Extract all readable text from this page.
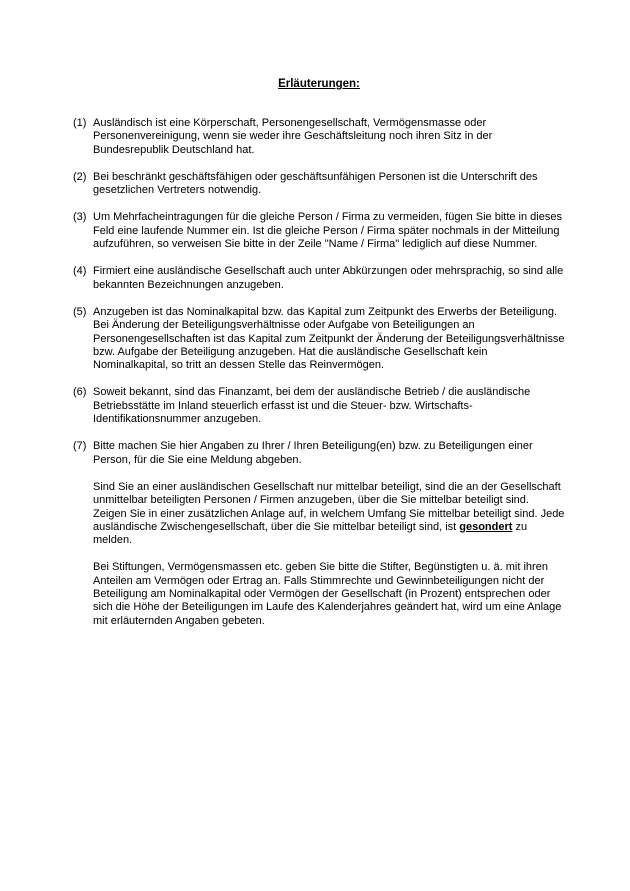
Erläuterungen:
(1) Ausländisch ist eine Körperschaft, Personengesellschaft, Vermögensmasse oder Personenvereinigung, wenn sie weder ihre Geschäftsleitung noch ihren Sitz in der Bundesrepublik Deutschland hat.

(2) Bei beschränkt geschäftsfähigen oder geschäftsunfähigen Personen ist die Unterschrift des gesetzlichen Vertreters notwendig.

(3) Um Mehrfacheintragungen für die gleiche Person / Firma zu vermeiden, fügen Sie bitte in dieses Feld eine laufende Nummer ein. Ist die gleiche Person / Firma später nochmals in der Mitteilung aufzuführen, so verweisen Sie bitte in der Zeile "Name / Firma" lediglich auf diese Nummer.

(4) Firmiert eine ausländische Gesellschaft auch unter Abkürzungen oder mehrsprachig, so sind alle bekannten Bezeichnungen anzugeben.

(5) Anzugeben ist das Nominalkapital bzw. das Kapital zum Zeitpunkt des Erwerbs der Beteiligung. Bei Änderung der Beteiligungsverhältnisse oder Aufgabe von Beteiligungen an Personengesellschaften ist das Kapital zum Zeitpunkt der Änderung der Beteiligungsverhältnisse bzw. Aufgabe der Beteiligung anzugeben. Hat die ausländische Gesellschaft kein Nominalkapital, so tritt an dessen Stelle das Reinvermögen.

(6) Soweit bekannt, sind das Finanzamt, bei dem der ausländische Betrieb / die ausländische Betriebsstätte im Inland steuerlich erfasst ist und die Steuer- bzw. Wirtschafts-Identifikationsnummer anzugeben.

(7) Bitte machen Sie hier Angaben zu Ihrer / Ihren Beteiligung(en) bzw. zu Beteiligungen einer Person, für die Sie eine Meldung abgeben.

Sind Sie an einer ausländischen Gesellschaft nur mittelbar beteiligt, sind die an der Gesellschaft unmittelbar beteiligten Personen / Firmen anzugeben, über die Sie mittelbar beteiligt sind. Zeigen Sie in einer zusätzlichen Anlage auf, in welchem Umfang Sie mittelbar beteiligt sind. Jede ausländische Zwischengesellschaft, über die Sie mittelbar beteiligt sind, ist gesondert zu melden.

Bei Stiftungen, Vermögensmassen etc. geben Sie bitte die Stifter, Begünstigten u. ä. mit ihren Anteilen am Vermögen oder Ertrag an. Falls Stimmrechte und Gewinnbeteiligungen nicht der Beteiligung am Nominalkapital oder Vermögen der Gesellschaft (in Prozent) entsprechen oder sich die Höhe der Beteiligungen im Laufe des Kalenderjahres geändert hat, wird um eine Anlage mit erläuternden Angaben gebeten.
